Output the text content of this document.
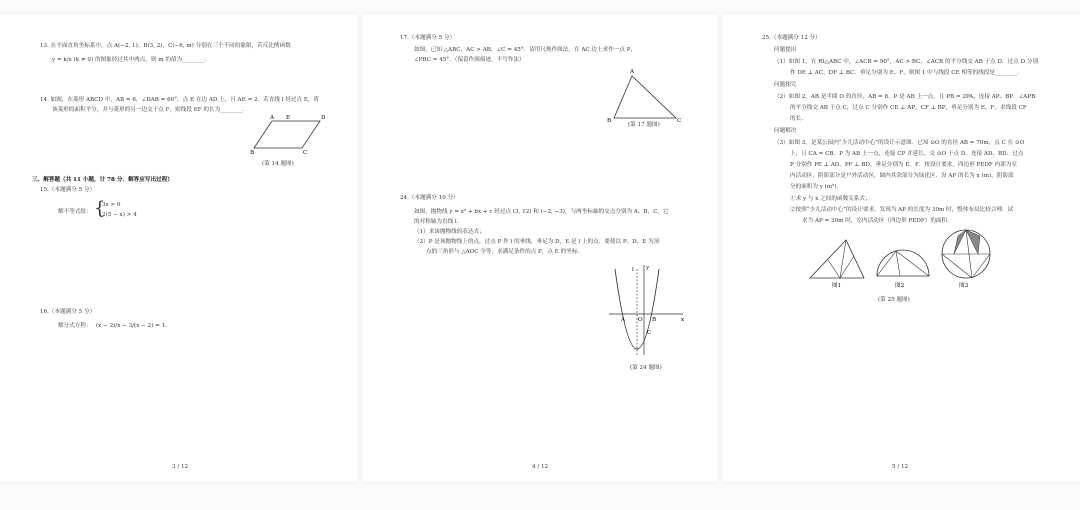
13. 在平面直角坐标系中，点 A(−2, 1)、B(3, 2)、C(−6, m) 分别在三个不同的象限，若反比例函数
y = k/x (k ≠ 0) 的图象经过其中两点，则 m 的值为________.
14. 如图，在菱形 ABCD 中，AB = 6，∠DAB = 60°，点 E 在边 AD 上，且 AE = 2．若直线 l 经过点 E，将
该菱形的面积平分，并与菱形的另一边交于点 F，则线段 EF 的长为________.
A E	D
B	C
(第 14 题图)
三、解答题（共 11 小题，计 78 分．解答应写出过程）
15.（本题满分 5 分）
解不等式组： {
3x > 6
2(5 − x) > 4
16.（本题满分 5 分）
解分式方程： (x − 2)/x − 3/(x − 2) = 1.
3 / 12
17.（本题满分 5 分）
如图，已知 △ABC，AC > AB，∠C = 45°．请用尺规作图法，在 AC 边上求作一点 P，
∠PBC = 45°．（保留作图痕迹，不写作法）
A
B	C
(第 17 题图)
24.（本题满分 10 分）
如图，抛物线 y = x² + bx + c 经过点 (3, 12) 和 (−2, −3)，与两坐标轴的交点分别为 A、B、C，它
的对称轴为直线 l.
（1）求该抛物线的表达式；
（2）P 是该抛物线上的点，过点 P 作 l 的垂线，垂足为 D，E 是 l 上的点．要使以 P、D、E 为顶
点的三角形与 △AOC 全等，求满足条件的点 P，点 E 的坐标.
y
x
A O B
C
l
(第 24 题图)
4 / 12
25.（本题满分 12 分）
问题提出
（1）如图 1，在 Rt△ABC 中，∠ACB = 90°，AC > BC，∠ACB 的平分线交 AB 于点 D．过点 D 分别
作 DE ⊥ AC，DF ⊥ BC．垂足分别为 E、F，则图 1 中与线段 CE 相等的线段是________.
问题探究
（2）如图 2，AB 是半圆 O 的直径，AB = 8．P 是 AB 上一点，且 PB = 2PA，连接 AP、BP．∠APB
的平分线交 AB 于点 C，过点 C 分别作 CE ⊥ AP，CF ⊥ BP，垂足分别为 E、F，求线段 CF
的长.
问题解决
（3）如图 3，是某公园内“少儿活动中心”的设计示意图．已知 ⊙O 的直径 AB = 70m，点 C 在 ⊙O
上，且 CA = CB．P 为 AB 上一点，连接 CP 并延长，交 ⊙O 于点 D．连接 AD、BD．过点
P 分别作 PE ⊥ AD，PF ⊥ BD，垂足分别为 E、F．按设计要求，四边形 PEDF 内部为室
内活动区，阴影部分是户外活动区，圆内其余部分为绿化区．设 AP 的长为 x (m)，阴影部
分的面积为 y (m²).
①求 y 与 x 之间的函数关系式；
②按照“少儿活动中心”的设计要求，发现当 AP 的长度为 30m 时，整体布局比较合理．试
求当 AP = 30m 时，室内活动区（四边形 PEDF）的面积.
图1	图2	图3
(第 25 题图)
5 / 12
